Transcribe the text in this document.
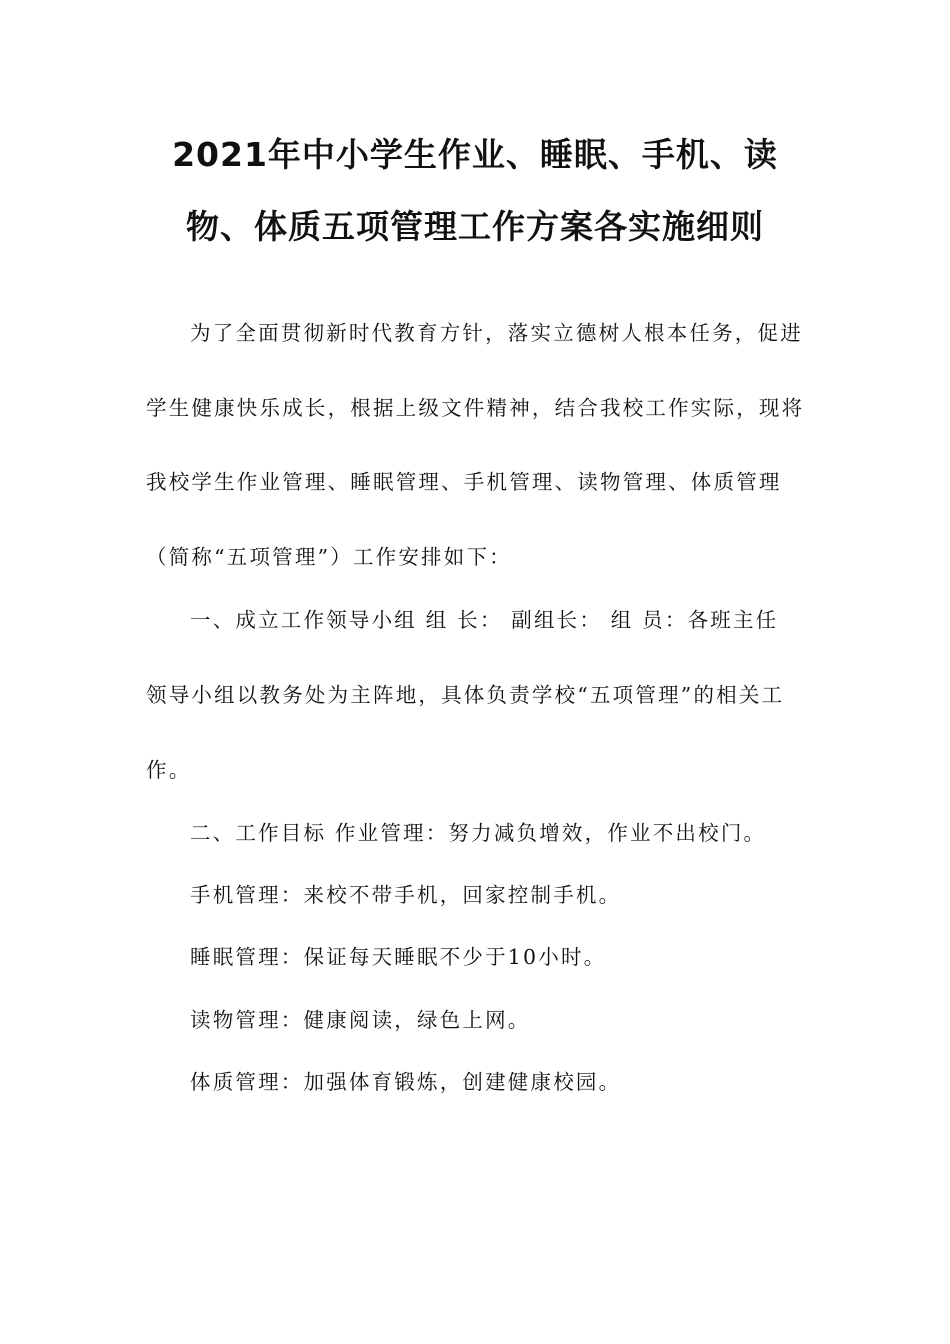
2021年中小学生作业、睡眠、手机、读
物、体质五项管理工作方案各实施细则
为了全面贯彻新时代教育方针，落实立德树人根本任务，促进
学生健康快乐成长，根据上级文件精神，结合我校工作实际，现将
我校学生作业管理、睡眠管理、手机管理、读物管理、体质管理
（简称“五项管理”）工作安排如下：
一、成立工作领导小组 组 长： 副组长： 组 员：各班主任
领导小组以教务处为主阵地，具体负责学校“五项管理”的相关工
作。
二、工作目标 作业管理：努力减负增效，作业不出校门。
手机管理：来校不带手机，回家控制手机。
睡眠管理：保证每天睡眠不少于10小时。
读物管理：健康阅读，绿色上网。
体质管理：加强体育锻炼，创建健康校园。
